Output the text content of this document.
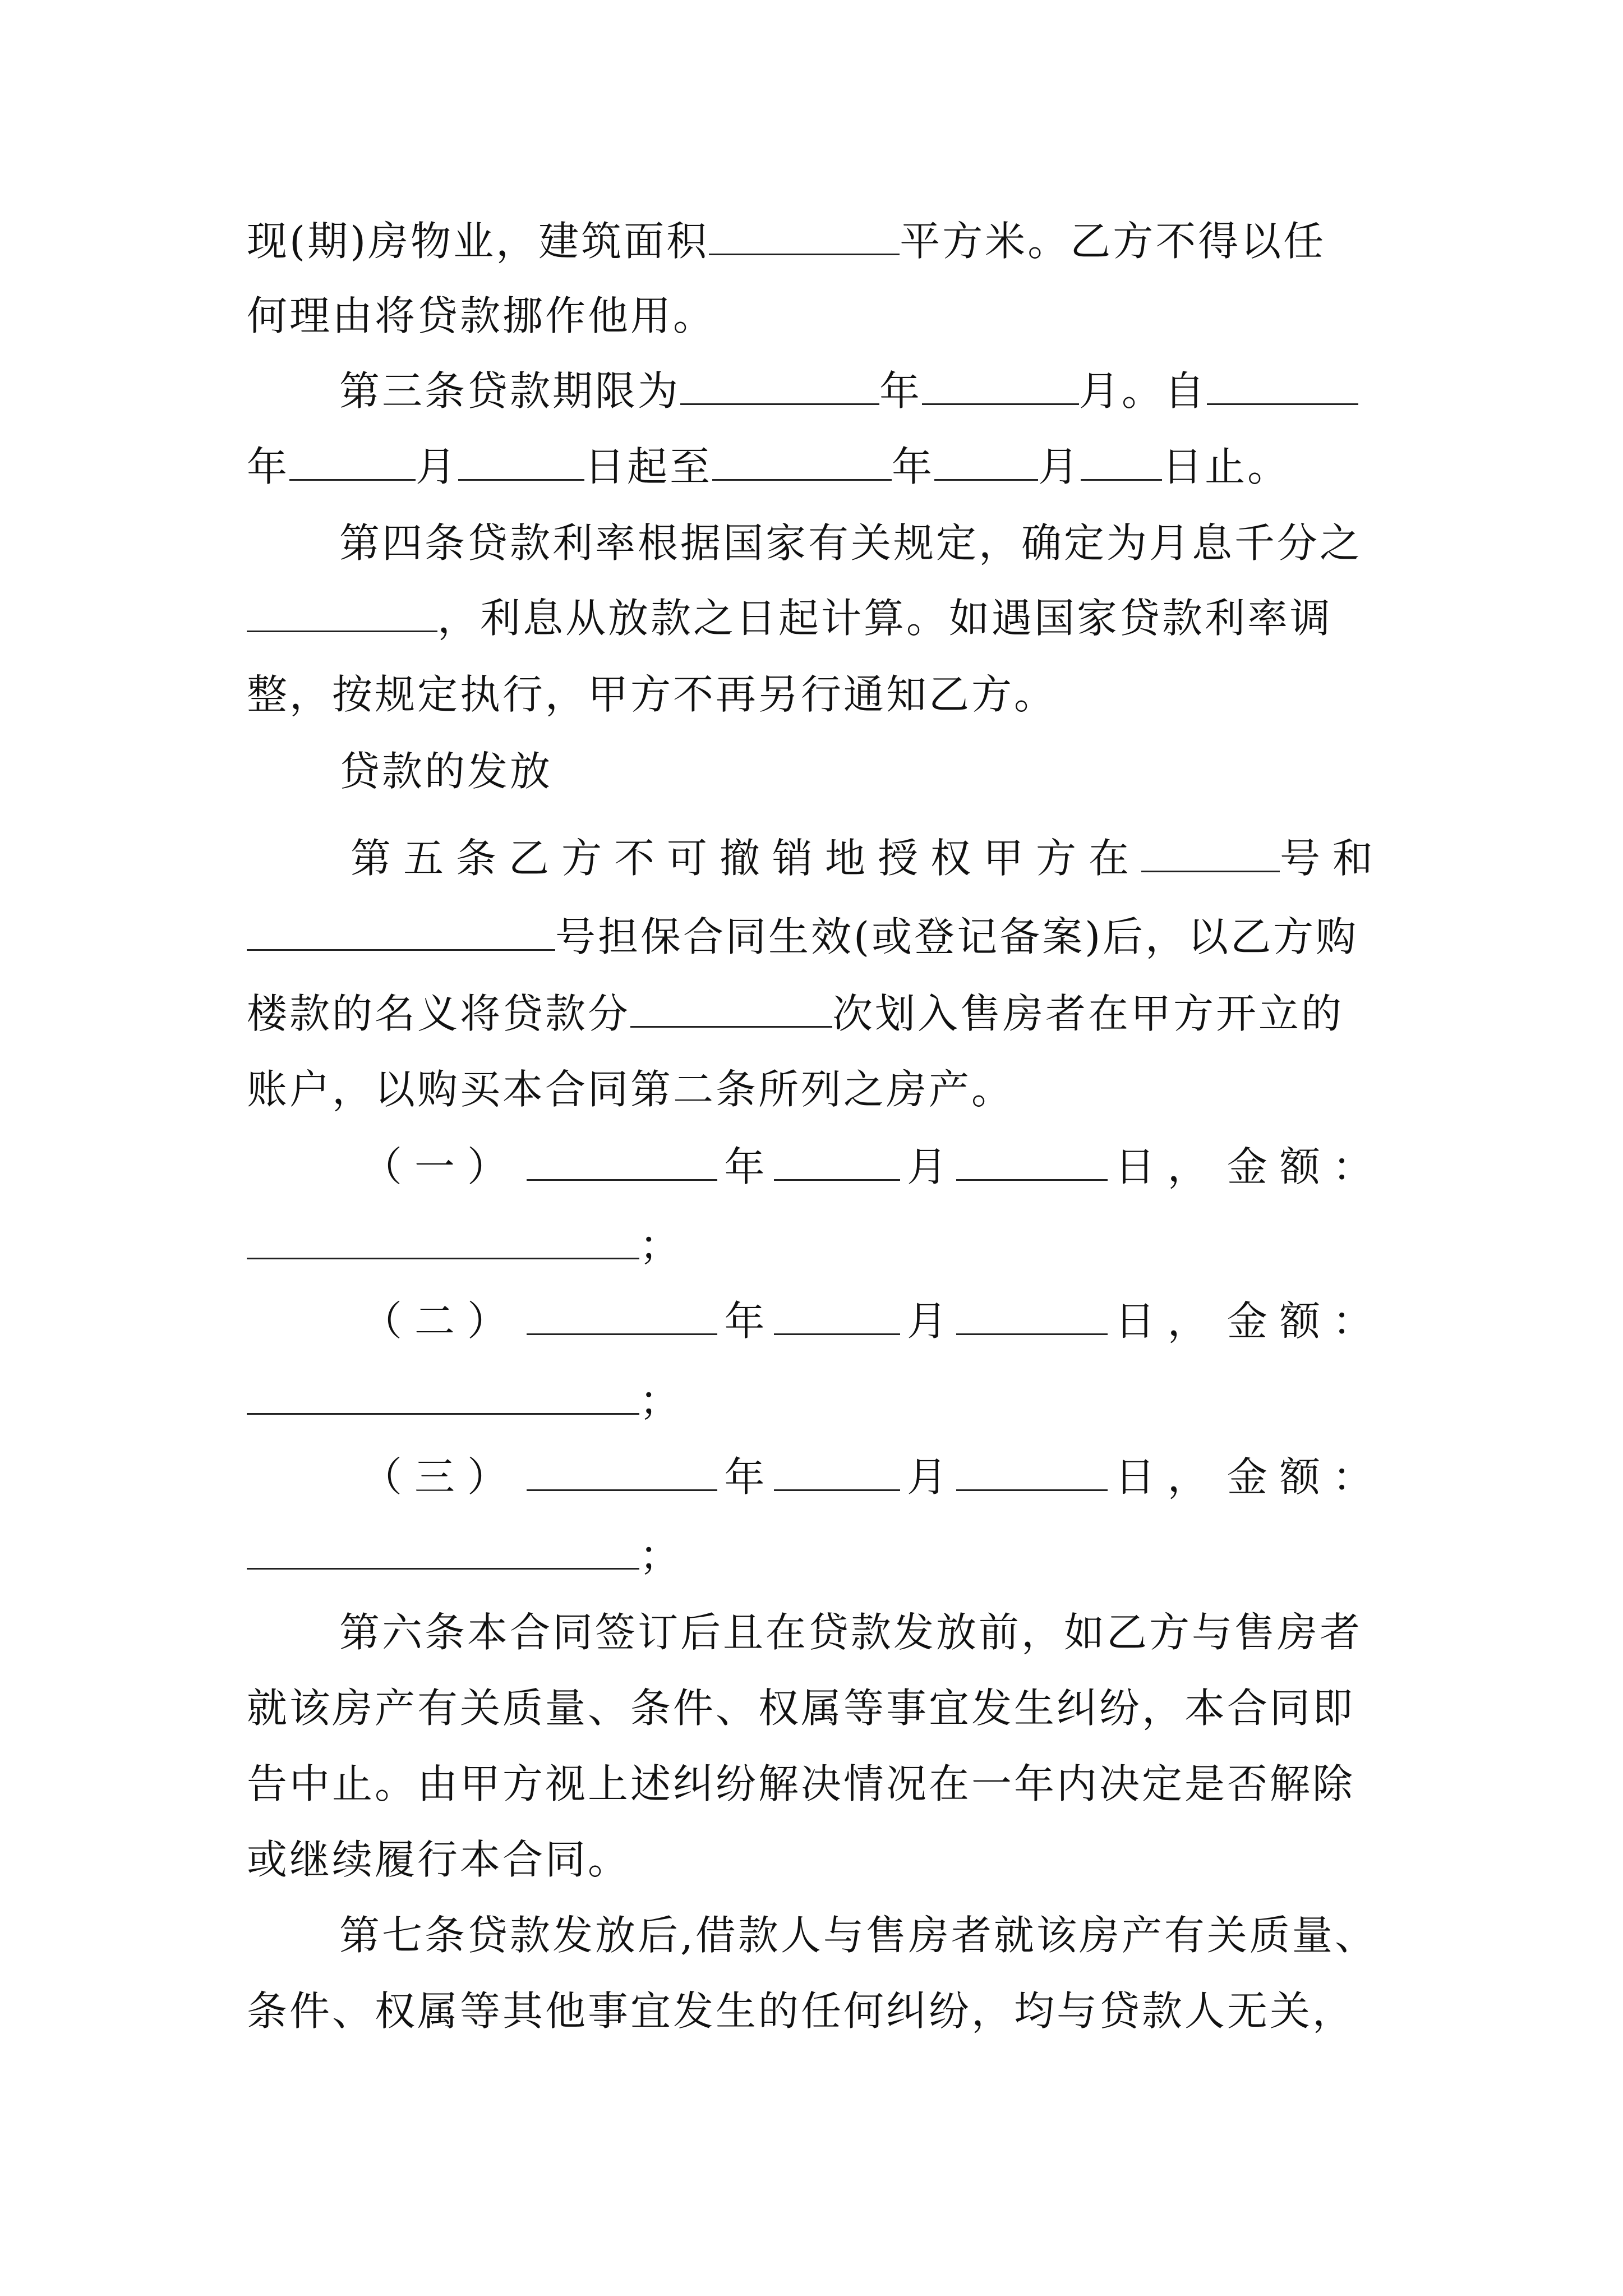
现(期)房物业，建筑面积	平方米。乙方不得以任
何理由将贷款挪作他用。
第三条贷款期限为	年	月。自
年	月	日起至	年	月 日止。
第四条贷款利率根据国家有关规定，确定为月息千分之
，利息从放款之日起计算。如遇国家贷款利率调
整，按规定执行，甲方不再另行通知乙方。
贷款的发放
第五条乙方不可撤销地授权甲方在	号和
号担保合同生效(或登记备案)后，以乙方购
楼款的名义将贷款分	次划入售房者在甲方开立的
账户，以购买本合同第二条所列之房产。
（一）	年	月	日， 金额：
；
（二）	年	月	日， 金额：
；
（三）	年	月	日， 金额：
；
第六条本合同签订后且在贷款发放前，如乙方与售房者
就该房产有关质量、条件、权属等事宜发生纠纷，本合同即
告中止。由甲方视上述纠纷解决情况在一年内决定是否解除
或继续履行本合同。
第七条贷款发放后,借款人与售房者就该房产有关质量、
条件、权属等其他事宜发生的任何纠纷，均与贷款人无关，
